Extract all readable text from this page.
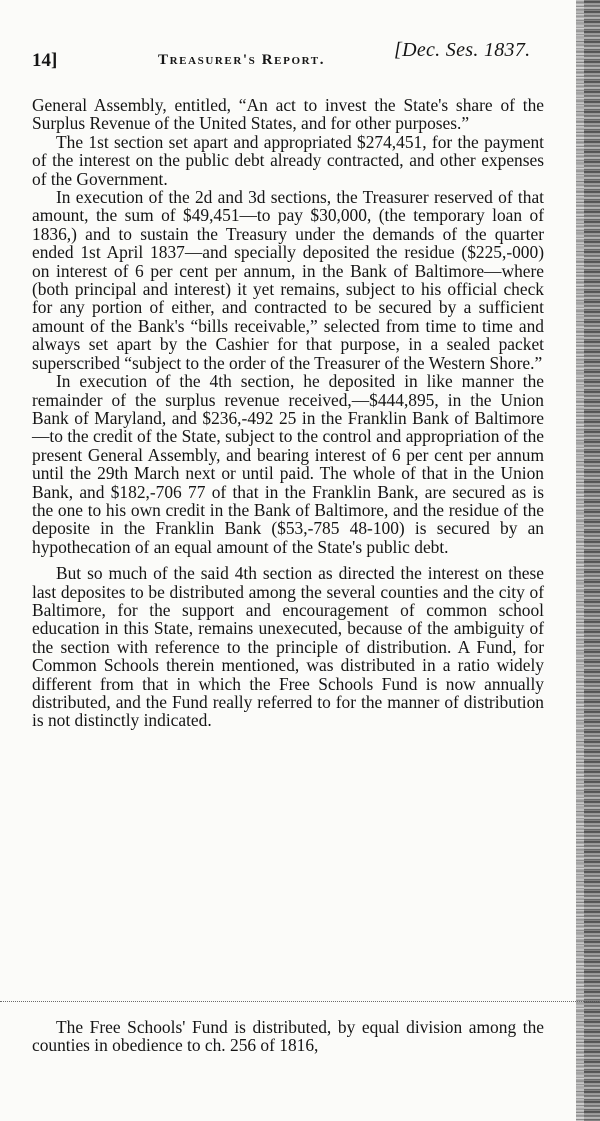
14]	Treasurer's Report.	[Dec. Ses. 1837.

General Assembly, entitled, “An act to invest the State's share of the Surplus Revenue of the United States, and for other purposes.”

The 1st section set apart and appropriated $274,451, for the payment of the interest on the public debt already contracted, and other expenses of the Government.

In execution of the 2d and 3d sections, the Treasurer reserved of that amount, the sum of $49,451—to pay $30,000, (the temporary loan of 1836,) and to sustain the Treasury under the demands of the quarter ended 1st April 1837—and specially deposited the residue ($225,-000) on interest of 6 per cent per annum, in the Bank of Baltimore—where (both principal and interest) it yet remains, subject to his official check for any portion of either, and contracted to be secured by a sufficient amount of the Bank's “bills receivable,” selected from time to time and always set apart by the Cashier for that purpose, in a sealed packet superscribed “subject to the order of the Treasurer of the Western Shore.”

In execution of the 4th section, he deposited in like manner the remainder of the surplus revenue received,—$444,895, in the Union Bank of Maryland, and $236,-492 25 in the Franklin Bank of Baltimore—to the credit of the State, subject to the control and appropriation of the present General Assembly, and bearing interest of 6 per cent per annum until the 29th March next or until paid. The whole of that in the Union Bank, and $182,-706 77 of that in the Franklin Bank, are secured as is the one to his own credit in the Bank of Baltimore, and the residue of the deposite in the Franklin Bank ($53,-785 48-100) is secured by an hypothecation of an equal amount of the State's public debt.

But so much of the said 4th section as directed the interest on these last deposites to be distributed among the several counties and the city of Baltimore, for the support and encouragement of common school education in this State, remains unexecuted, because of the ambiguity of the section with reference to the principle of distribution. A Fund, for Common Schools therein mentioned, was distributed in a ratio widely different from that in which the Free Schools Fund is now annually distributed, and the Fund really referred to for the manner of distribution is not distinctly indicated.

The Free Schools' Fund is distributed, by equal division among the counties in obedience to ch. 256 of 1816,
